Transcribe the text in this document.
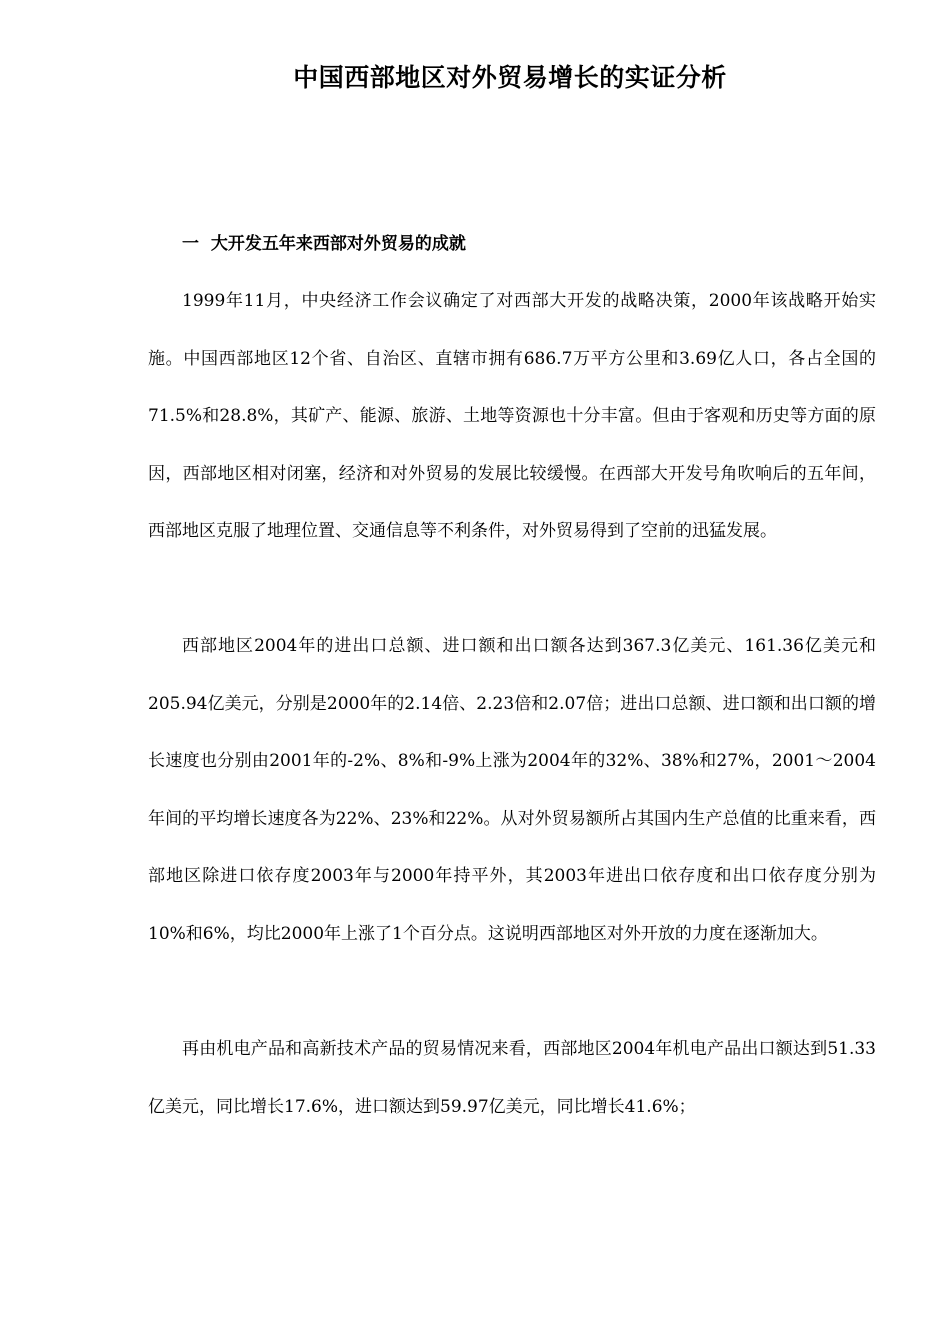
中国西部地区对外贸易增长的实证分析
一  大开发五年来西部对外贸易的成就

1999年11月，中央经济工作会议确定了对西部大开发的战略决策，2000年该战略开始实施。中国西部地区12个省、自治区、直辖市拥有686.7万平方公里和3.69亿人口，各占全国的71.5%和28.8%，其矿产、能源、旅游、土地等资源也十分丰富。但由于客观和历史等方面的原因，西部地区相对闭塞，经济和对外贸易的发展比较缓慢。在西部大开发号角吹响后的五年间，西部地区克服了地理位置、交通信息等不利条件，对外贸易得到了空前的迅猛发展。

西部地区2004年的进出口总额、进口额和出口额各达到367.3亿美元、161.36亿美元和205.94亿美元，分别是2000年的2.14倍、2.23倍和2.07倍；进出口总额、进口额和出口额的增长速度也分别由2001年的-2%、8%和-9%上涨为2004年的32%、38%和27%，2001～2004年间的平均增长速度各为22%、23%和22%。从对外贸易额所占其国内生产总值的比重来看，西部地区除进口依存度2003年与2000年持平外，其2003年进出口依存度和出口依存度分别为10%和6%，均比2000年上涨了1个百分点。这说明西部地区对外开放的力度在逐渐加大。

再由机电产品和高新技术产品的贸易情况来看，西部地区2004年机电产品出口额达到51.33亿美元，同比增长17.6%，进口额达到59.97亿美元，同比增长41.6%；
